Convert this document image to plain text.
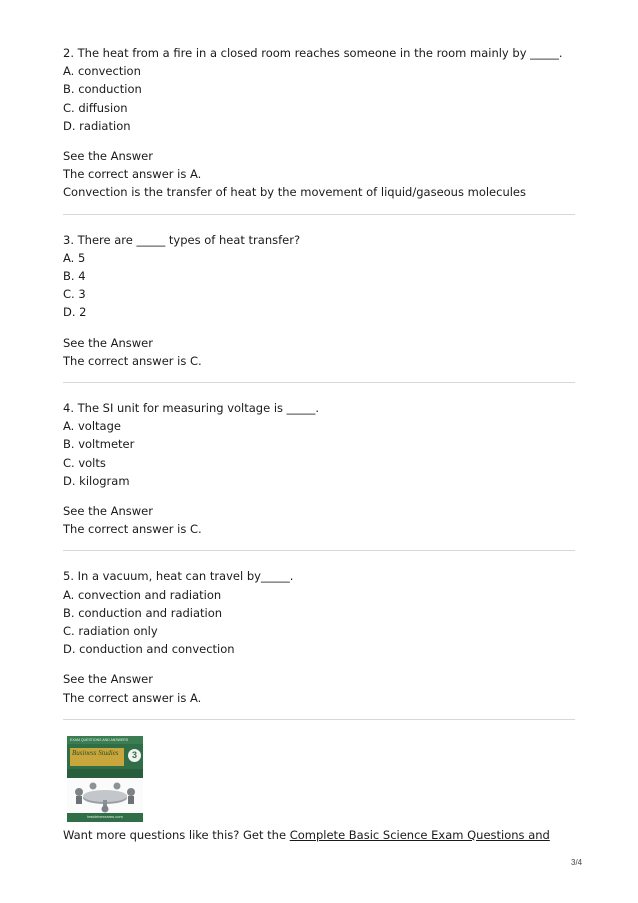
2. The heat from a fire in a closed room reaches someone in the room mainly by _____.
A. convection
B. conduction
C. diffusion
D. radiation
See the Answer
The correct answer is A.
Convection is the transfer of heat by the movement of liquid/gaseous molecules
3. There are _____ types of heat transfer?
A. 5
B. 4
C. 3
D. 2
See the Answer
The correct answer is C.
4. The SI unit for measuring voltage is _____.
A. voltage
B. voltmeter
C. volts
D. kilogram
See the Answer
The correct answer is C.
5. In a vacuum, heat can travel by_____.
A. convection and radiation
B. conduction and radiation
C. radiation only
D. conduction and convection
See the Answer
The correct answer is A.
EXAM QUESTIONS AND ANSWERS
Business Studies	3
testdriveexams.com
Want more questions like this? Get the Complete Basic Science Exam Questions and
3/4
